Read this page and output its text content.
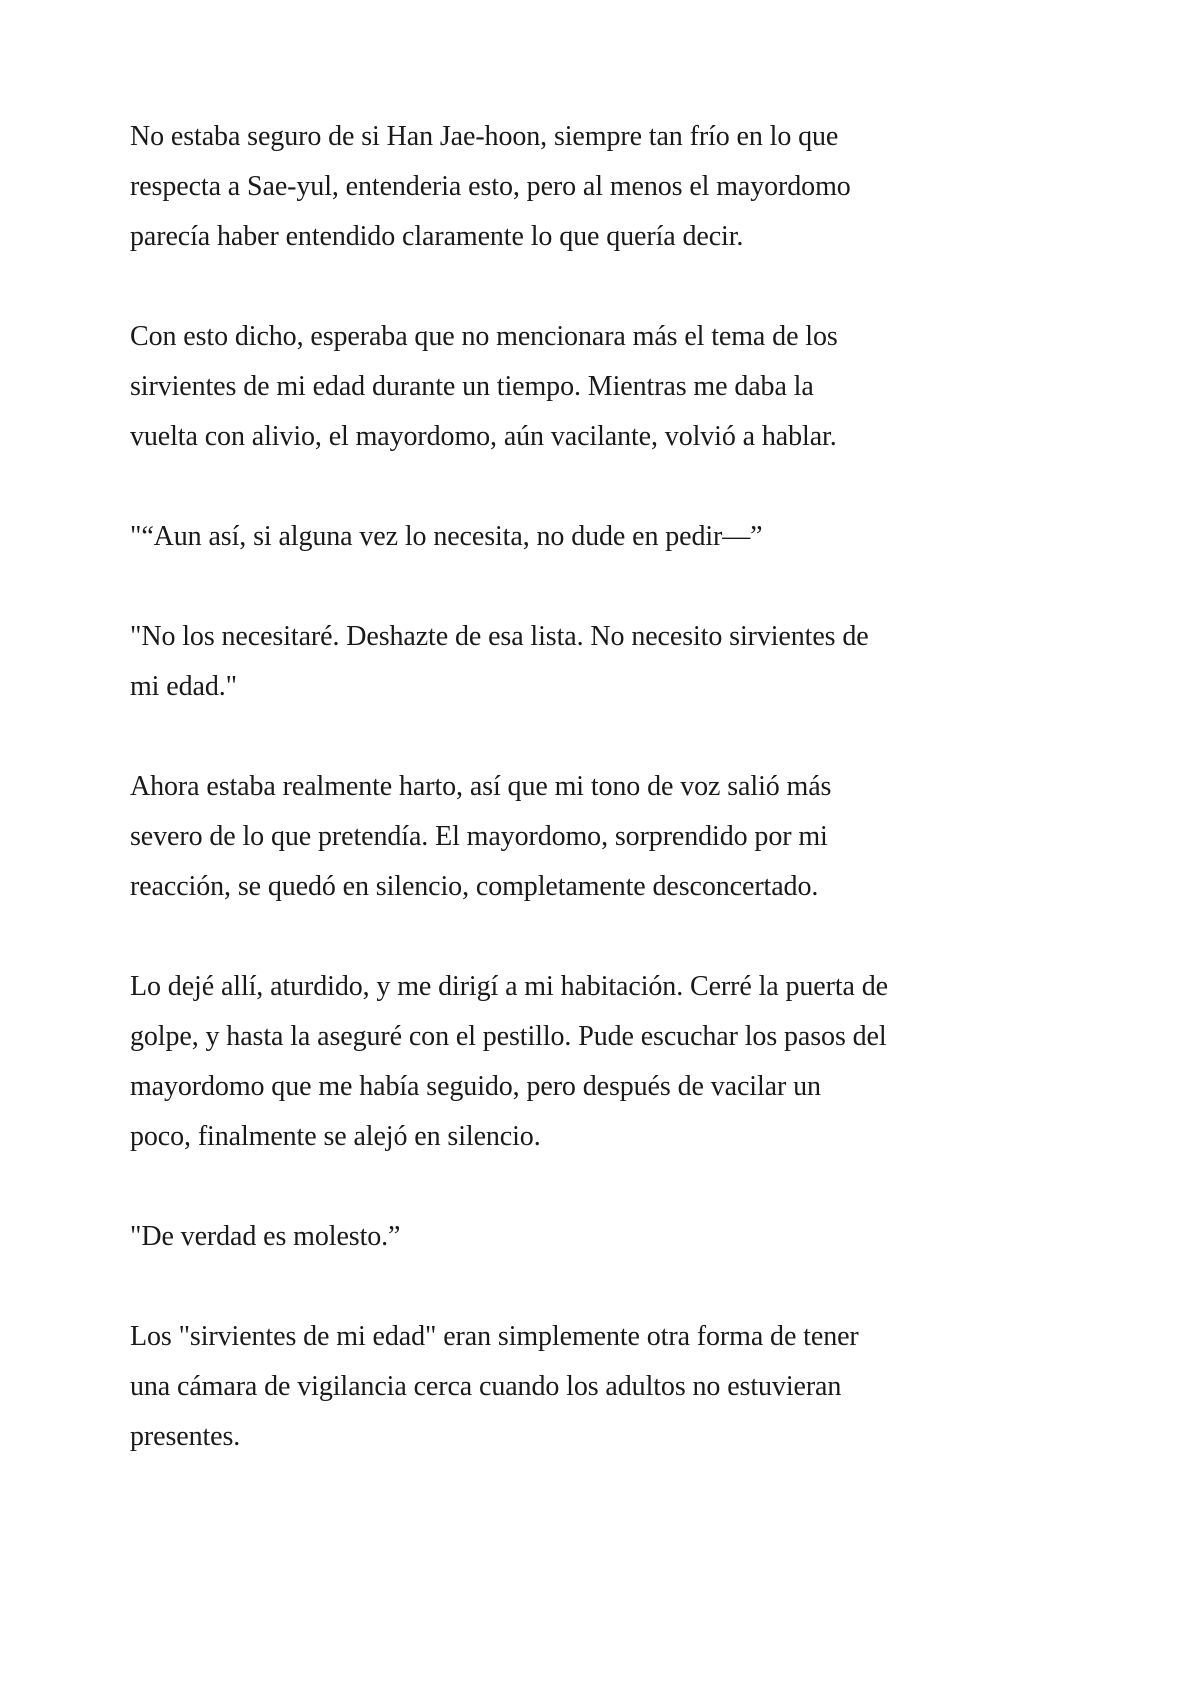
No estaba seguro de si Han Jae-hoon, siempre tan frío en lo que
respecta a Sae-yul, entenderia esto, pero al menos el mayordomo
parecía haber entendido claramente lo que quería decir.

Con esto dicho, esperaba que no mencionara más el tema de los
sirvientes de mi edad durante un tiempo. Mientras me daba la
vuelta con alivio, el mayordomo, aún vacilante, volvió a hablar.

"“Aun así, si alguna vez lo necesita, no dude en pedir—”

"No los necesitaré. Deshazte de esa lista. No necesito sirvientes de
mi edad."

Ahora estaba realmente harto, así que mi tono de voz salió más
severo de lo que pretendía. El mayordomo, sorprendido por mi
reacción, se quedó en silencio, completamente desconcertado.

Lo dejé allí, aturdido, y me dirigí a mi habitación. Cerré la puerta de
golpe, y hasta la aseguré con el pestillo. Pude escuchar los pasos del
mayordomo que me había seguido, pero después de vacilar un
poco, finalmente se alejó en silencio.

"De verdad es molesto.”

Los "sirvientes de mi edad" eran simplemente otra forma de tener
una cámara de vigilancia cerca cuando los adultos no estuvieran
presentes.
